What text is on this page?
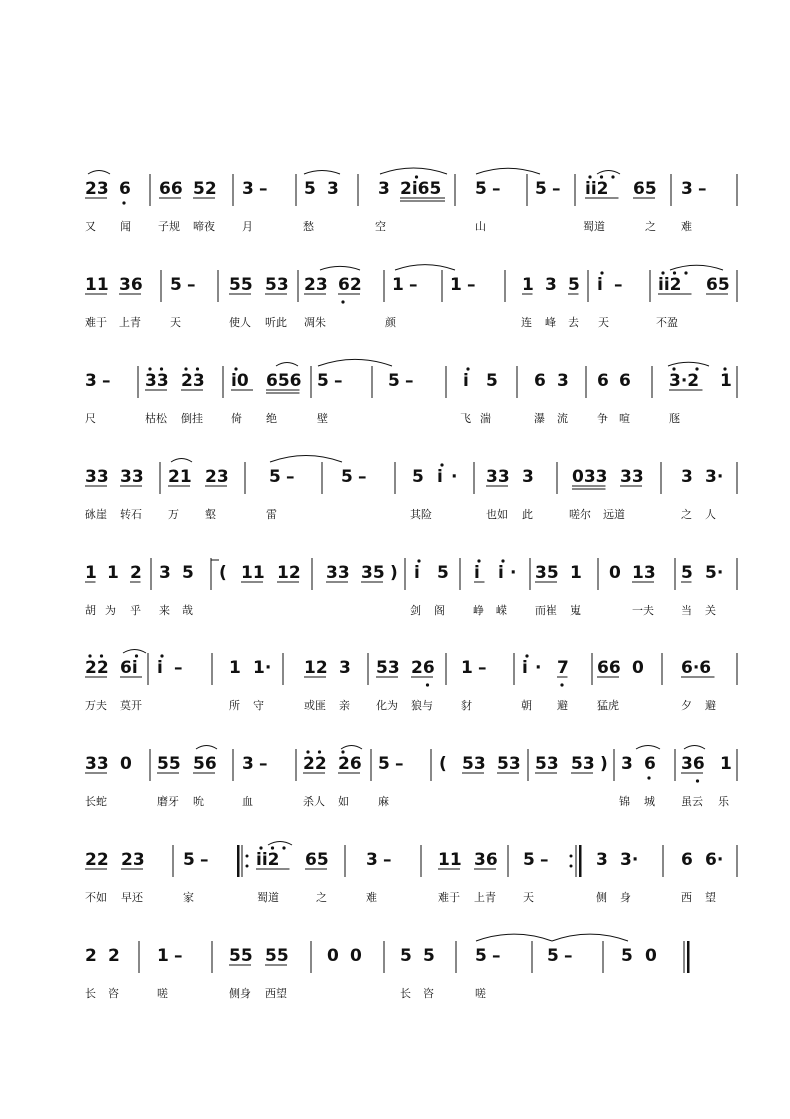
23 6 66 52 3 – 5 3 3 2i65 5 – 5 – ii2 65 3 –
又 闻 子规 啼夜 月	愁	空	山	蜀道	之 难
11 36 5 – 55 53 23 62 1 – 1 –	1 3 5 i – ii2 65
难于 上青	天	使人 听此 凋朱	颜	连 峰 去 天	不盈
3 – 33 23 i0 656 5 –	5 –	i 5 6 3 6 6 3·2 1
尺	枯松 倒挂	倚 绝	壁	飞 湍	瀑 流	争 喧	豗
33 33 21 23 5 –	5 –	5 i · 33 3 033 33 3 3·
砯崖 转石 万 壑	雷	其险	也如 此	嗟尔 远道	之 人
1 1 2 3 5 ( 11 12 33 35 ) i 5 i i · 35 1 0 13 5 5·
胡 为 乎 来 哉	剑 阁	峥 嵘	而崔 嵬	一夫 当 关
22 6i i –	1 1· 12 3 53 26 1 – i · 7 66 0 6·6
万夫 莫开	所 守	或匪 亲 化为 狼与	豺	朝 避	猛虎	夕 避
33 0 55 56 3 – 22 26 5 – ( 53 53 53 53 ) 3 6 36 1
长蛇	磨牙 吮	血	杀人 如	麻	锦 城 虽云 乐
22 23 5 –	ii2 65 3 –	11 36 5 –	3 3·	6 6·
不如 早还	家	蜀道	之	难	难于 上青 天	侧 身	西 望
2 2 1 –	55 55 0 0 5 5 5 –	5 –	5 0
长 咨	嗟	侧身 西望	长 咨	嗟
